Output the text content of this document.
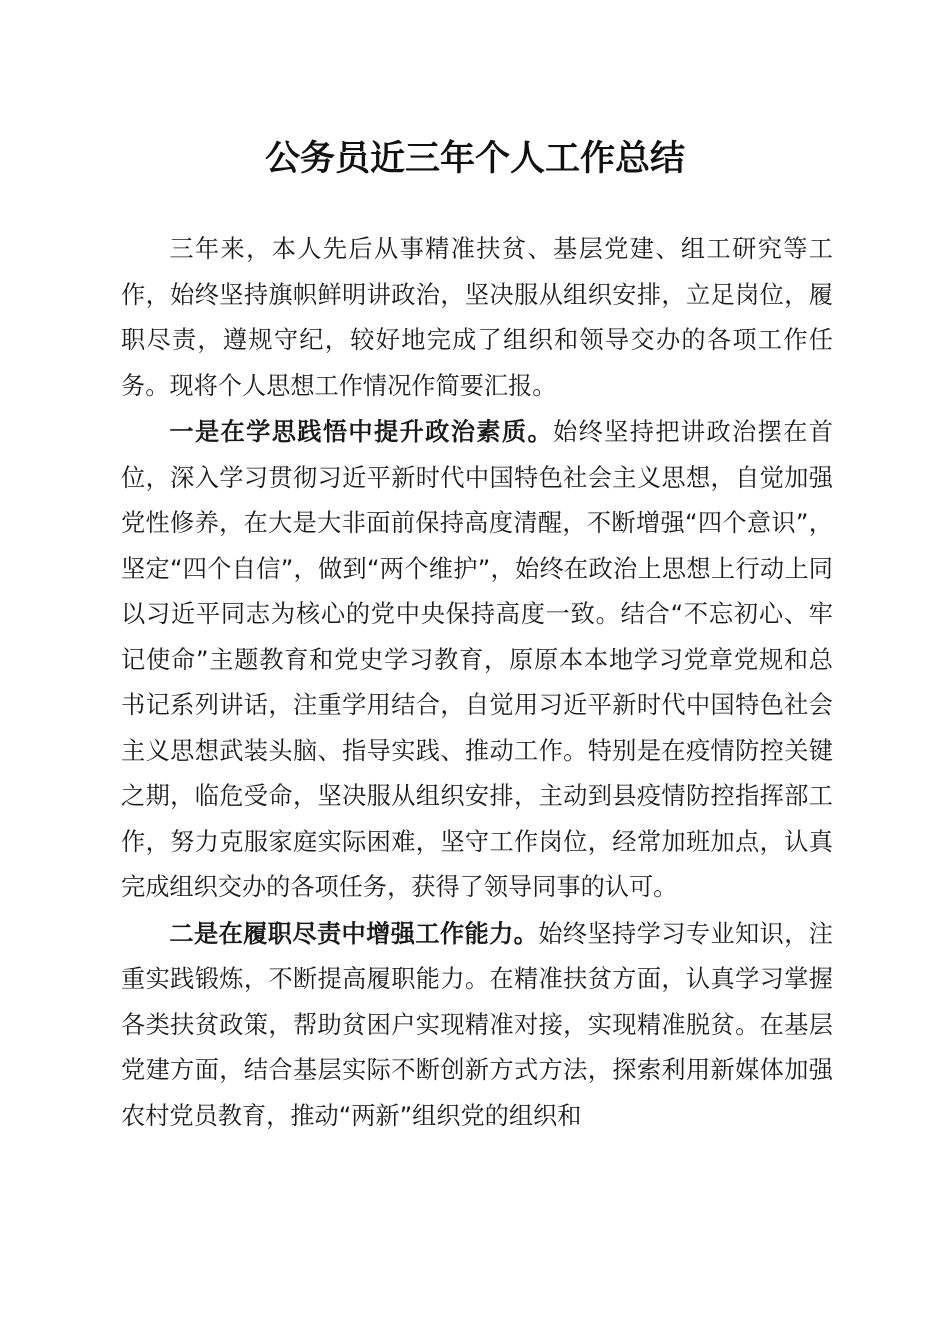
公务员近三年个人工作总结

三年来，本人先后从事精准扶贫、基层党建、组工研究等工作，始终坚持旗帜鲜明讲政治，坚决服从组织安排，立足岗位，履职尽责，遵规守纪，较好地完成了组织和领导交办的各项工作任务。现将个人思想工作情况作简要汇报。

一是在学思践悟中提升政治素质。始终坚持把讲政治摆在首位，深入学习贯彻习近平新时代中国特色社会主义思想，自觉加强党性修养，在大是大非面前保持高度清醒，不断增强“四个意识”，坚定“四个自信”，做到“两个维护”，始终在政治上思想上行动上同以习近平同志为核心的党中央保持高度一致。结合“不忘初心、牢记使命”主题教育和党史学习教育，原原本本地学习党章党规和总书记系列讲话，注重学用结合，自觉用习近平新时代中国特色社会主义思想武装头脑、指导实践、推动工作。特别是在疫情防控关键之期，临危受命，坚决服从组织安排，主动到县疫情防控指挥部工作，努力克服家庭实际困难，坚守工作岗位，经常加班加点，认真完成组织交办的各项任务，获得了领导同事的认可。

二是在履职尽责中增强工作能力。始终坚持学习专业知识，注重实践锻炼，不断提高履职能力。在精准扶贫方面，认真学习掌握各类扶贫政策，帮助贫困户实现精准对接，实现精准脱贫。在基层党建方面，结合基层实际不断创新方式方法，探索利用新媒体加强农村党员教育，推动“两新”组织党的组织和
